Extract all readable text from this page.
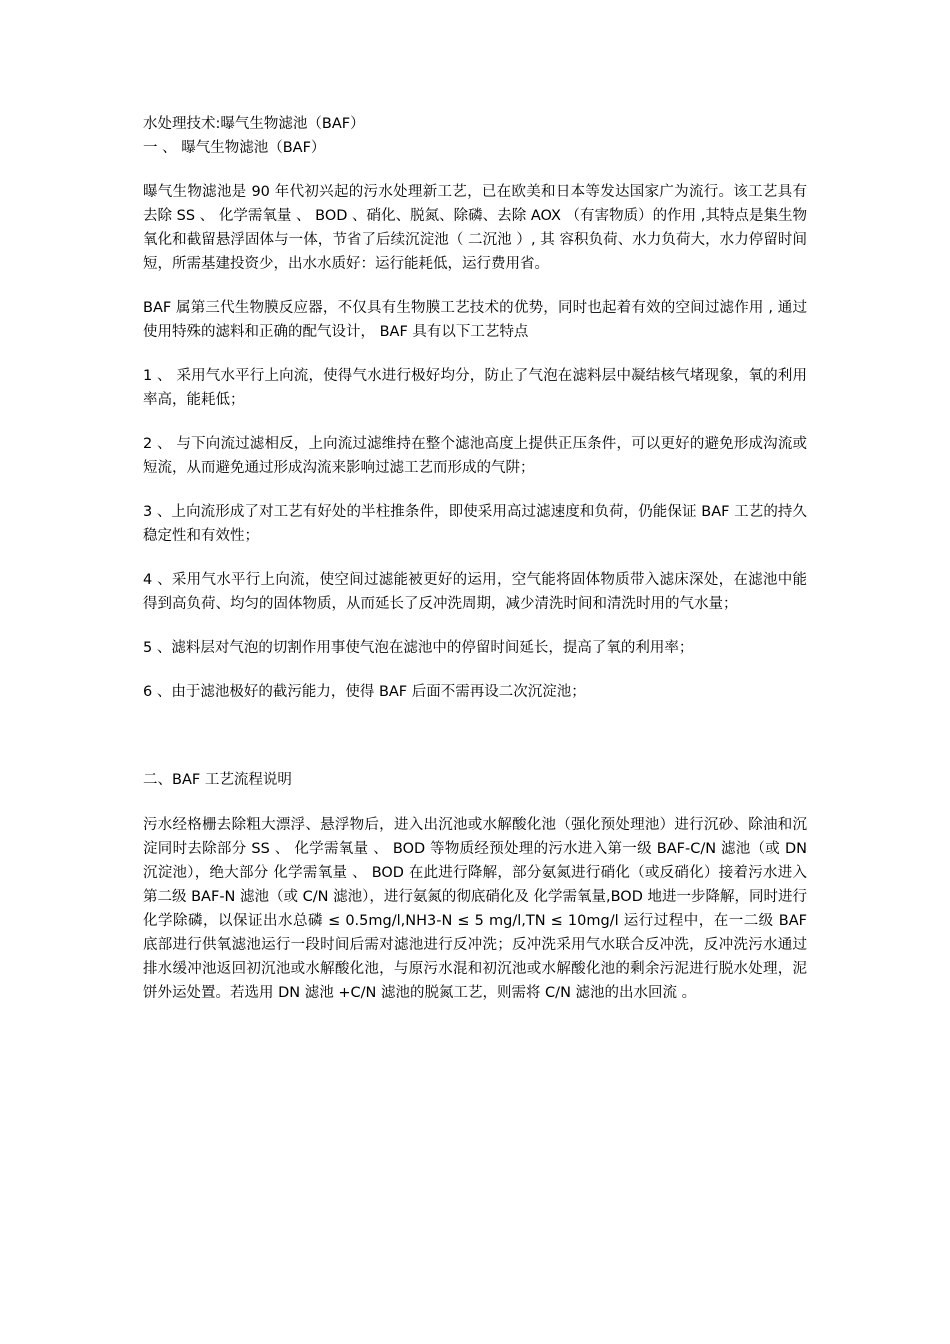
水处理技术:曝气生物滤池（BAF）
一 、 曝气生物滤池（BAF）

曝气生物滤池是 90 年代初兴起的污水处理新工艺，已在欧美和日本等发达国家广为流行。该工艺具有去除 SS 、 化学需氧量 、 BOD 、硝化、脱氮、除磷、去除 AOX （有害物质）的作用 ,其特点是集生物氧化和截留悬浮固体与一体，节省了后续沉淀池（ 二沉池 ）, 其 容积负荷、水力负荷大，水力停留时间短，所需基建投资少，出水水质好：运行能耗低，运行费用省。

BAF 属第三代生物膜反应器，不仅具有生物膜工艺技术的优势，同时也起着有效的空间过滤作用 , 通过使用特殊的滤料和正确的配气设计， BAF 具有以下工艺特点

1 、 采用气水平行上向流，使得气水进行极好均分，防止了气泡在滤料层中凝结核气堵现象，氧的利用率高，能耗低；

2 、 与下向流过滤相反，上向流过滤维持在整个滤池高度上提供正压条件，可以更好的避免形成沟流或短流，从而避免通过形成沟流来影响过滤工艺而形成的气阱；

3 、上向流形成了对工艺有好处的半柱推条件，即使采用高过滤速度和负荷，仍能保证 BAF 工艺的持久稳定性和有效性；

4 、采用气水平行上向流，使空间过滤能被更好的运用，空气能将固体物质带入滤床深处，在滤池中能得到高负荷、均匀的固体物质，从而延长了反冲洗周期，减少清洗时间和清洗时用的气水量；

5 、滤料层对气泡的切割作用事使气泡在滤池中的停留时间延长，提高了氧的利用率；

6 、由于滤池极好的截污能力，使得 BAF 后面不需再设二次沉淀池；

二、BAF 工艺流程说明

污水经格栅去除粗大漂浮、悬浮物后，进入出沉池或水解酸化池（强化预处理池）进行沉砂、除油和沉淀同时去除部分 SS 、 化学需氧量 、 BOD 等物质经预处理的污水进入第一级 BAF-C/N 滤池（或 DN 沉淀池），绝大部分 化学需氧量 、 BOD 在此进行降解，部分氨氮进行硝化（或反硝化）接着污水进入第二级 BAF-N 滤池（或 C/N 滤池），进行氨氮的彻底硝化及 化学需氧量,BOD 地进一步降解，同时进行化学除磷，以保证出水总磷 ≤ 0.5mg/l,NH3-N ≤ 5 mg/l,TN ≤ 10mg/l 运行过程中，在一二级 BAF 底部进行供氧滤池运行一段时间后需对滤池进行反冲洗；反冲洗采用气水联合反冲洗，反冲洗污水通过排水缓冲池返回初沉池或水解酸化池，与原污水混和初沉池或水解酸化池的剩余污泥进行脱水处理，泥饼外运处置。若选用 DN 滤池 +C/N 滤池的脱氮工艺，则需将 C/N 滤池的出水回流 。
